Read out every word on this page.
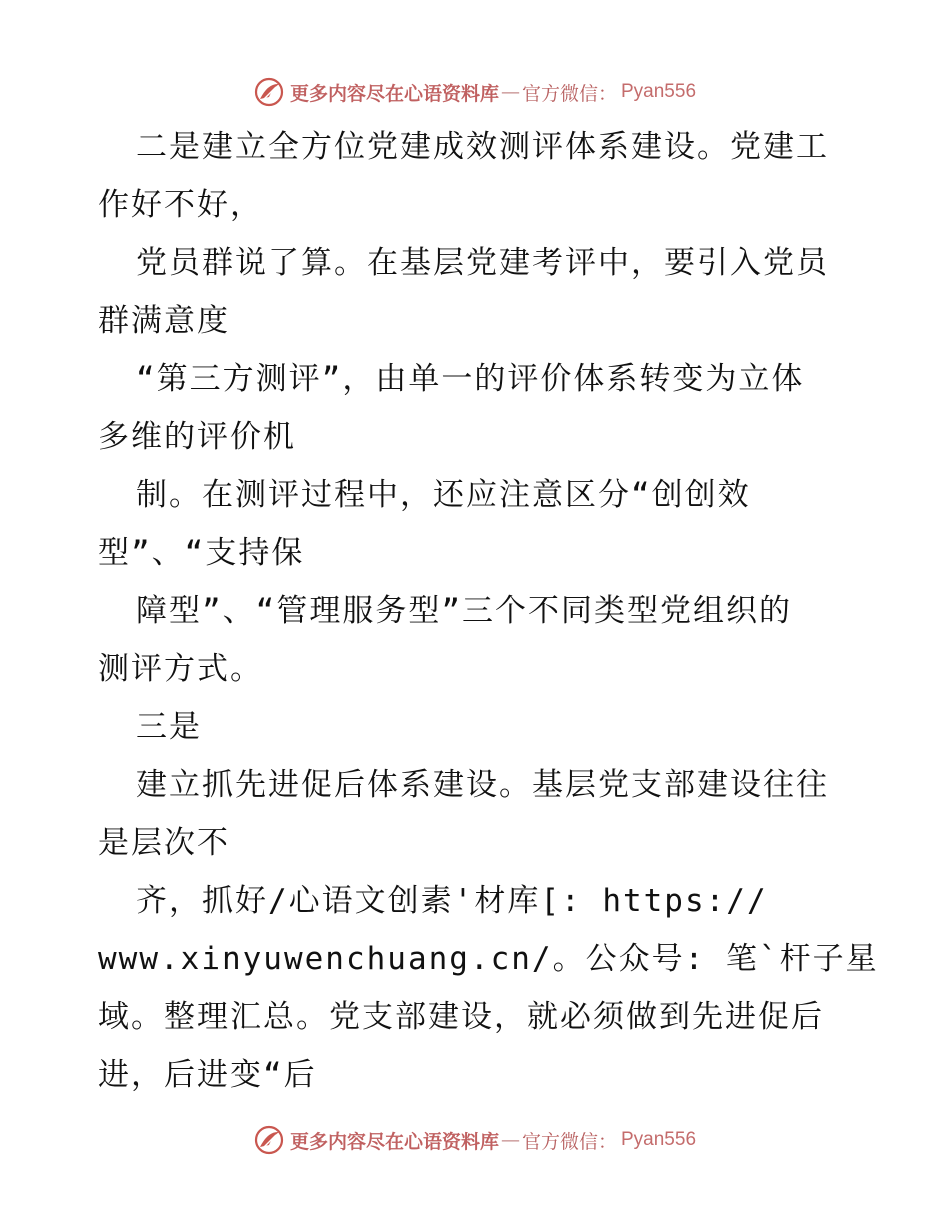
更多内容尽在心语资料库 — 官方微信： Pyan556
二是建立全方位党建成效测评体系建设。党建工
作好不好，
党员群说了算。在基层党建考评中，要引入党员
群满意度
“第三方测评”，由单一的评价体系转变为立体
多维的评价机
制。在测评过程中，还应注意区分“创创效
型”、“支持保
障型”、“管理服务型”三个不同类型党组织的
测评方式。
三是
建立抓先进促后体系建设。基层党支部建设往往
是层次不
齐，抓好/心语文创素'材库[: https://
www.xinyuwenchuang.cn/。公众号: 笔`杆子星
域。整理汇总。党支部建设，就必须做到先进促后
进，后进变“后
更多内容尽在心语资料库 — 官方微信： Pyan556
